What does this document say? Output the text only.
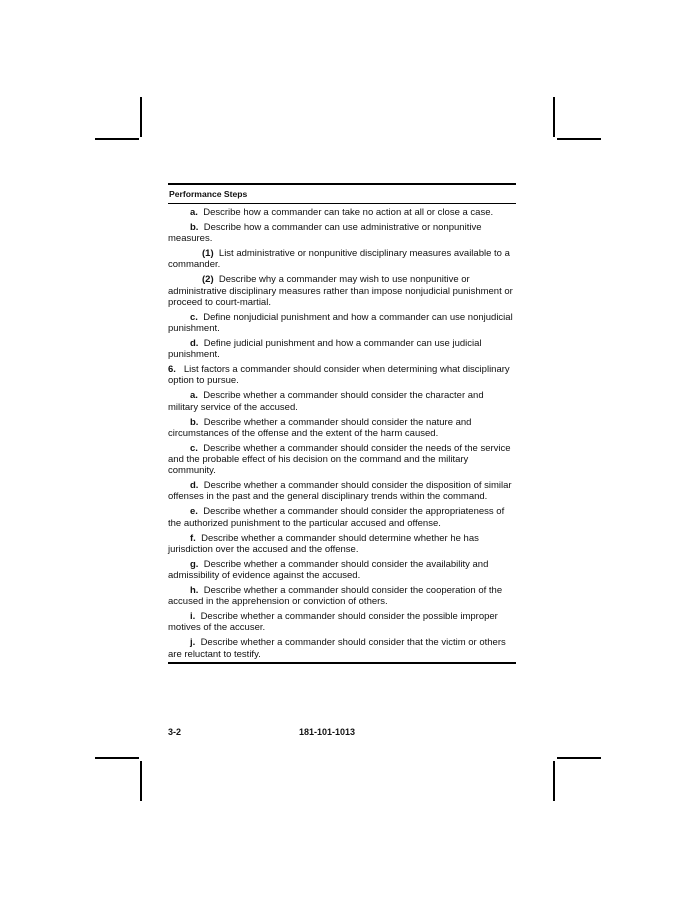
Performance Steps

a. Describe how a commander can take no action at all or close a case.

b. Describe how a commander can use administrative or nonpunitive measures.

(1) List administrative or nonpunitive disciplinary measures available to a commander.

(2) Describe why a commander may wish to use nonpunitive or administrative disciplinary measures rather than impose nonjudicial punishment or proceed to court-martial.

c. Define nonjudicial punishment and how a commander can use nonjudicial punishment.

d. Define judicial punishment and how a commander can use judicial punishment.

6. List factors a commander should consider when determining what disciplinary option to pursue.

a. Describe whether a commander should consider the character and military service of the accused.

b. Describe whether a commander should consider the nature and circumstances of the offense and the extent of the harm caused.

c. Describe whether a commander should consider the needs of the service and the probable effect of his decision on the command and the military community.

d. Describe whether a commander should consider the disposition of similar offenses in the past and the general disciplinary trends within the command.

e. Describe whether a commander should consider the appropriateness of the authorized punishment to the particular accused and offense.

f. Describe whether a commander should determine whether he has jurisdiction over the accused and the offense.

g. Describe whether a commander should consider the availability and admissibility of evidence against the accused.

h. Describe whether a commander should consider the cooperation of the accused in the apprehension or conviction of others.

i. Describe whether a commander should consider the possible improper motives of the accuser.

j. Describe whether a commander should consider that the victim or others are reluctant to testify.

3-2	181-101-1013
